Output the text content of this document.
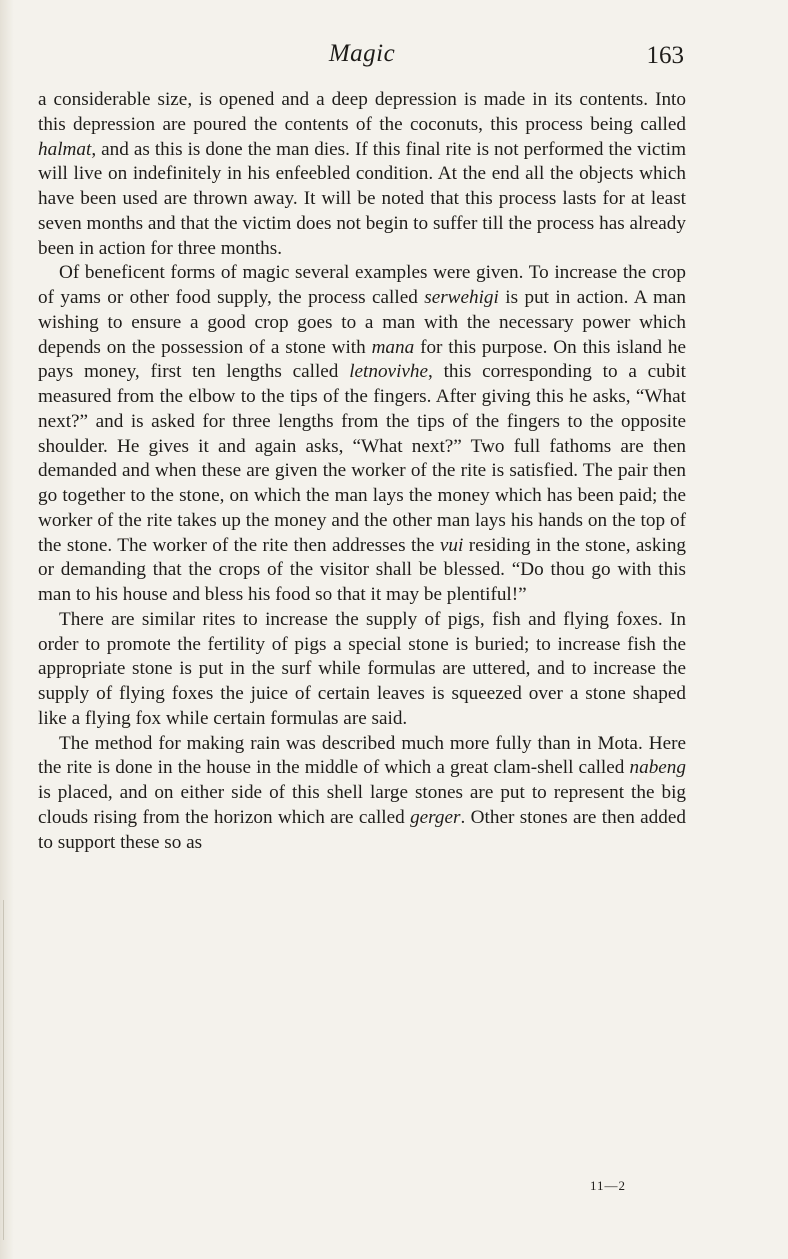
Magic	163

a considerable size, is opened and a deep depression is made in its contents. Into this depression are poured the contents of the coconuts, this process being called halmat, and as this is done the man dies. If this final rite is not performed the victim will live on indefinitely in his enfeebled condition. At the end all the objects which have been used are thrown away. It will be noted that this process lasts for at least seven months and that the victim does not begin to suffer till the process has already been in action for three months.

Of beneficent forms of magic several examples were given. To increase the crop of yams or other food supply, the process called serwehigi is put in action. A man wishing to ensure a good crop goes to a man with the necessary power which depends on the possession of a stone with mana for this purpose. On this island he pays money, first ten lengths called letnovivhe, this corresponding to a cubit measured from the elbow to the tips of the fingers. After giving this he asks, “What next?” and is asked for three lengths from the tips of the fingers to the opposite shoulder. He gives it and again asks, “What next?” Two full fathoms are then demanded and when these are given the worker of the rite is satisfied. The pair then go together to the stone, on which the man lays the money which has been paid; the worker of the rite takes up the money and the other man lays his hands on the top of the stone. The worker of the rite then addresses the vui residing in the stone, asking or demanding that the crops of the visitor shall be blessed. “Do thou go with this man to his house and bless his food so that it may be plentiful!”

There are similar rites to increase the supply of pigs, fish and flying foxes. In order to promote the fertility of pigs a special stone is buried; to increase fish the appropriate stone is put in the surf while formulas are uttered, and to increase the supply of flying foxes the juice of certain leaves is squeezed over a stone shaped like a flying fox while certain formulas are said.

The method for making rain was described much more fully than in Mota. Here the rite is done in the house in the middle of which a great clam-shell called nabeng is placed, and on either side of this shell large stones are put to represent the big clouds rising from the horizon which are called gerger. Other stones are then added to support these so as

11—2
